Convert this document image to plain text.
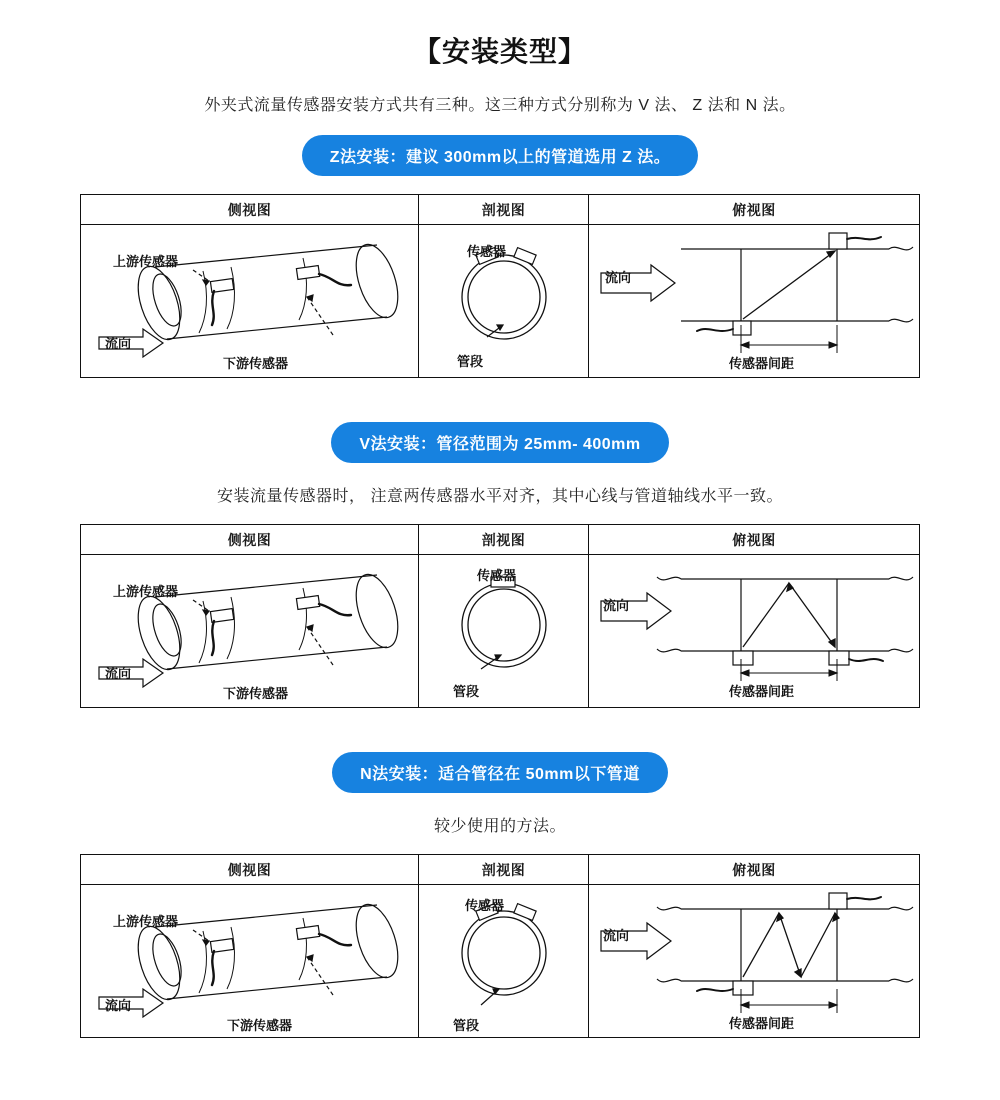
【安装类型】
外夹式流量传感器安装方式共有三种。这三种方式分别称为 V 法、 Z 法和 N 法。
Z法安装：建议 300mm以上的管道选用 Z 法。
侧视图
上游传感器
下游传感器
流向
剖视图
传感器
管段
俯视图
流向
传感器间距
V法安装：管径范围为 25mm- 400mm
安装流量传感器时， 注意两传感器水平对齐，其中心线与管道轴线水平一致。
侧视图
上游传感器
下游传感器
流向
剖视图
传感器
管段
俯视图
流向
传感器间距
N法安装：适合管径在 50mm以下管道
较少使用的方法。
侧视图
上游传感器
下游传感器
流向
剖视图
传感器
管段
俯视图
流向
传感器间距
